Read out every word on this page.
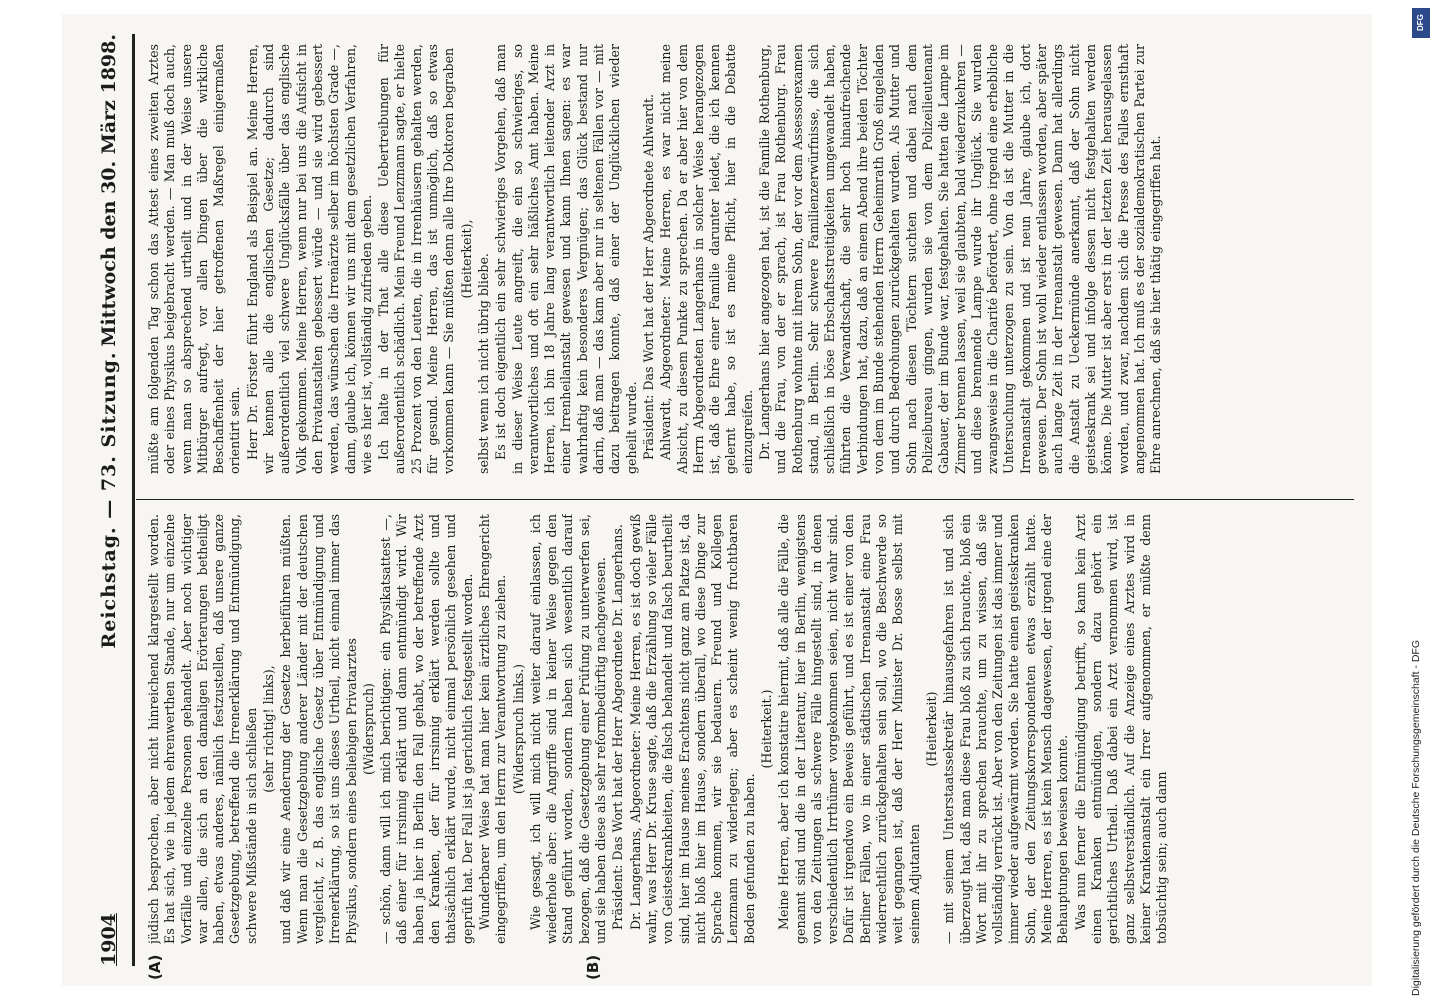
1904
Reichstag. — 73. Sitzung.
Mittwoch den 30. März 1898.
(A)	(B)

jüdisch besprochen, aber nicht hinreichend klargestellt worden. Es hat sich, wie in jedem ehrenwerthen Stande, nur um einzelne Vorfälle und einzelne Personen gehandelt. Aber noch wichtiger war allen, die sich an den damaligen Erörterungen betheiligt haben, etwas anderes, nämlich festzustellen, daß unsere ganze Gesetzgebung, betreffend die Irrenerklärung und Entmündigung, schwere Mißstände in sich schließen (sehr richtig! links), und daß wir eine Aenderung der Gesetze herbeiführen müßten. Wenn man die Gesetzgebung anderer Länder mit der deutschen vergleicht, z. B. das englische Gesetz über Entmündigung und Irrenerklärung, so ist uns dieses Urtheil, nicht einmal immer das Physikus, sondern eines beliebigen Privatarztes (Widerspruch) — schön, dann will ich mich berichtigen: ein Physikatsattest —, daß einer für irrsinnig erklärt und dann entmündigt wird. Wir haben ja hier in Berlin den Fall gehabt, wo der betreffende Arzt den Kranken, der für irrsinnig erklärt werden sollte und thatsächlich erklärt wurde, nicht einmal persönlich gesehen und geprüft hat. Der Fall ist ja gerichtlich festgestellt worden. Wunderbarer Weise hat man hier kein ärztliches Ehrengericht eingegriffen, um den Herrn zur Verantwortung zu ziehen. (Widerspruch links.) Wie gesagt, ich will mich nicht weiter darauf einlassen, ich wiederhole aber: die Angriffe sind in keiner Weise gegen den Stand geführt worden, sondern haben sich wesentlich darauf bezogen, daß die Gesetzgebung einer Prüfung zu unterwerfen sei, und sie haben diese als sehr reformbedürftig nachgewiesen. Präsident: Das Wort hat der Herr Abgeordnete Dr. Langerhans. Dr. Langerhans, Abgeordneter: Meine Herren, es ist doch gewiß wahr, was Herr Dr. Kruse sagte, daß die Erzählung so vieler Fälle von Geisteskrankheiten, die falsch behandelt und falsch beurtheilt sind, hier im Hause meines Erachtens nicht ganz am Platze ist, da nicht bloß hier im Hause, sondern überall, wo diese Dinge zur Sprache kommen, wir sie bedauern. Freund und Kollegen Lenzmann zu widerlegen; aber es scheint wenig fruchtbaren Boden gefunden zu haben.

(Heiterkeit.) Meine Herren, aber ich konstatire hiermit, daß alle die Fälle, die genannt sind und die in der Literatur, hier in Berlin, wenigstens von den Zeitungen als schwere Fälle hingestellt sind, in denen verschiedentlich Irrthümer vorgekommen seien, nicht wahr sind. Dafür ist irgendwo ein Beweis geführt, und es ist einer von den Berliner Fällen, wo in einer städtischen Irrenanstalt eine Frau widerrechtlich zurückgehalten sein soll, wo die Beschwerde so weit gegangen ist, daß der Herr Minister Dr. Bosse selbst mit seinem Adjutanten

(Heiterkeit) — mit seinem Unterstaatssekretär hinausgefahren ist und sich überzeugt hat, daß man diese Frau bloß zu sich brauchte, bloß ein Wort mit ihr zu sprechen brauchte, um zu wissen, daß sie vollständig verrückt ist. Aber von den Zeitungen ist das immer und immer wieder aufgewärmt worden. Sie hatte einen geisteskranken Sohn, der den Zeitungskorrespondenten etwas erzählt hatte. Meine Herren, es ist kein Mensch dagewesen, der irgend eine der Behauptungen beweisen konnte. Was nun ferner die Entmündigung betrifft, so kann kein Arzt einen Kranken entmündigen, sondern dazu gehört ein gerichtliches Urtheil. Daß dabei ein Arzt vernommen wird, ist ganz selbstverständlich. Auf die Anzeige eines Arztes wird in keiner Krankenanstalt ein Irrer aufgenommen, er müßte denn tobsüchtig sein; auch dann

müßte am folgenden Tag schon das Attest eines zweiten Arztes oder eines Physikus beigebracht werden. — Man muß doch auch, wenn man so absprechend urtheilt und in der Weise unsere Mitbürger aufregt, vor allen Dingen über die wirkliche Beschaffenheit der hier getroffenen Maßregel einigermaßen orientirt sein. Herr Dr. Förster führt England als Beispiel an. Meine Herren, wir kennen alle die englischen Gesetze; dadurch sind außerordentlich viel schwere Unglücksfälle über das englische Volk gekommen. Meine Herren, wenn nur bei uns die Aufsicht in den Privatanstalten gebessert würde — und sie wird gebessert werden, das wünschen die Irrenärzte selber im höchsten Grade —, dann, glaube ich, können wir uns mit dem gesetzlichen Verfahren, wie es hier ist, vollständig zufrieden geben. Ich halte in der That alle diese Uebertreibungen für außerordentlich schädlich. Mein Freund Lenzmann sagte, er hielte 25 Prozent von den Leuten, die in Irrenhäusern gehalten werden, für gesund. Meine Herren, das ist unmöglich, daß so etwas vorkommen kann — Sie müßten denn alle Ihre Doktoren begraben (Heiterkeit), selbst wenn ich nicht übrig bliebe. Es ist doch eigentlich ein sehr schwieriges Vorgehen, daß man in dieser Weise Leute angreift, die ein so schwieriges, so verantwortliches und oft ein sehr häßliches Amt haben. Meine Herren, ich bin 18 Jahre lang verantwortlich leitender Arzt in einer Irrenheilanstalt gewesen und kann Ihnen sagen: es war wahrhaftig kein besonderes Vergnügen; das Glück bestand nur darin, daß man — das kam aber nur in seltenen Fällen vor — mit dazu beitragen konnte, daß einer der Unglücklichen wieder geheilt wurde. Präsident: Das Wort hat der Herr Abgeordnete Ahlwardt. Ahlwardt, Abgeordneter: Meine Herren, es war nicht meine Absicht, zu diesem Punkte zu sprechen. Da er aber hier von dem Herrn Abgeordneten Langerhans in solcher Weise herangezogen ist, daß die Ehre einer Familie darunter leidet, die ich kennen gelernt habe, so ist es meine Pflicht, hier in die Debatte einzugreifen. Dr. Langerhans hier angezogen hat, ist die Familie Rothenburg, und die Frau, von der er sprach, ist Frau Rothenburg. Frau Rothenburg wohnte mit ihrem Sohn, der vor dem Assessorexamen stand, in Berlin. Sehr schwere Familienzerwürfnisse, die sich schließlich in böse Erbschaftsstreitigkeiten umgewandelt haben, führten die Verwandtschaft, die sehr hoch hinaufreichende Verbindungen hat, dazu, daß an einem Abend ihre beiden Töchter von dem im Bunde stehenden Herrn Geheimrath Groß eingeladen und durch Bedrohungen zurückgehalten wurden. Als Mutter und Sohn nach diesen Töchtern suchten und dabei nach dem Polizeibureau gingen, wurden sie von dem Polizeilieutenant Gabauer, der im Bunde war, festgehalten. Sie hatten die Lampe im Zimmer brennen lassen, weil sie glaubten, bald wiederzukehren — und diese brennende Lampe wurde ihr Unglück. Sie wurden zwangsweise in die Charité befördert, ohne irgend eine erhebliche Untersuchung unterzogen zu sein. Von da ist die Mutter in die Irrenanstalt gekommen und ist neun Jahre, glaube ich, dort gewesen. Der Sohn ist wohl wieder entlassen worden, aber später auch lange Zeit in der Irrenanstalt gewesen. Dann hat allerdings die Anstalt zu Ueckermünde anerkannt, daß der Sohn nicht geisteskrank sei und infolge dessen nicht festgehalten werden könne. Die Mutter ist aber erst in der letzten Zeit herausgelassen worden, und zwar, nachdem sich die Presse des Falles ernsthaft angenommen hat. Ich muß es der sozialdemokratischen Partei zur Ehre anrechnen, daß sie hier thätig eingegriffen hat.

DFG
Digitalisierung gefördert durch die Deutsche Forschungsgemeinschaft - DFG
